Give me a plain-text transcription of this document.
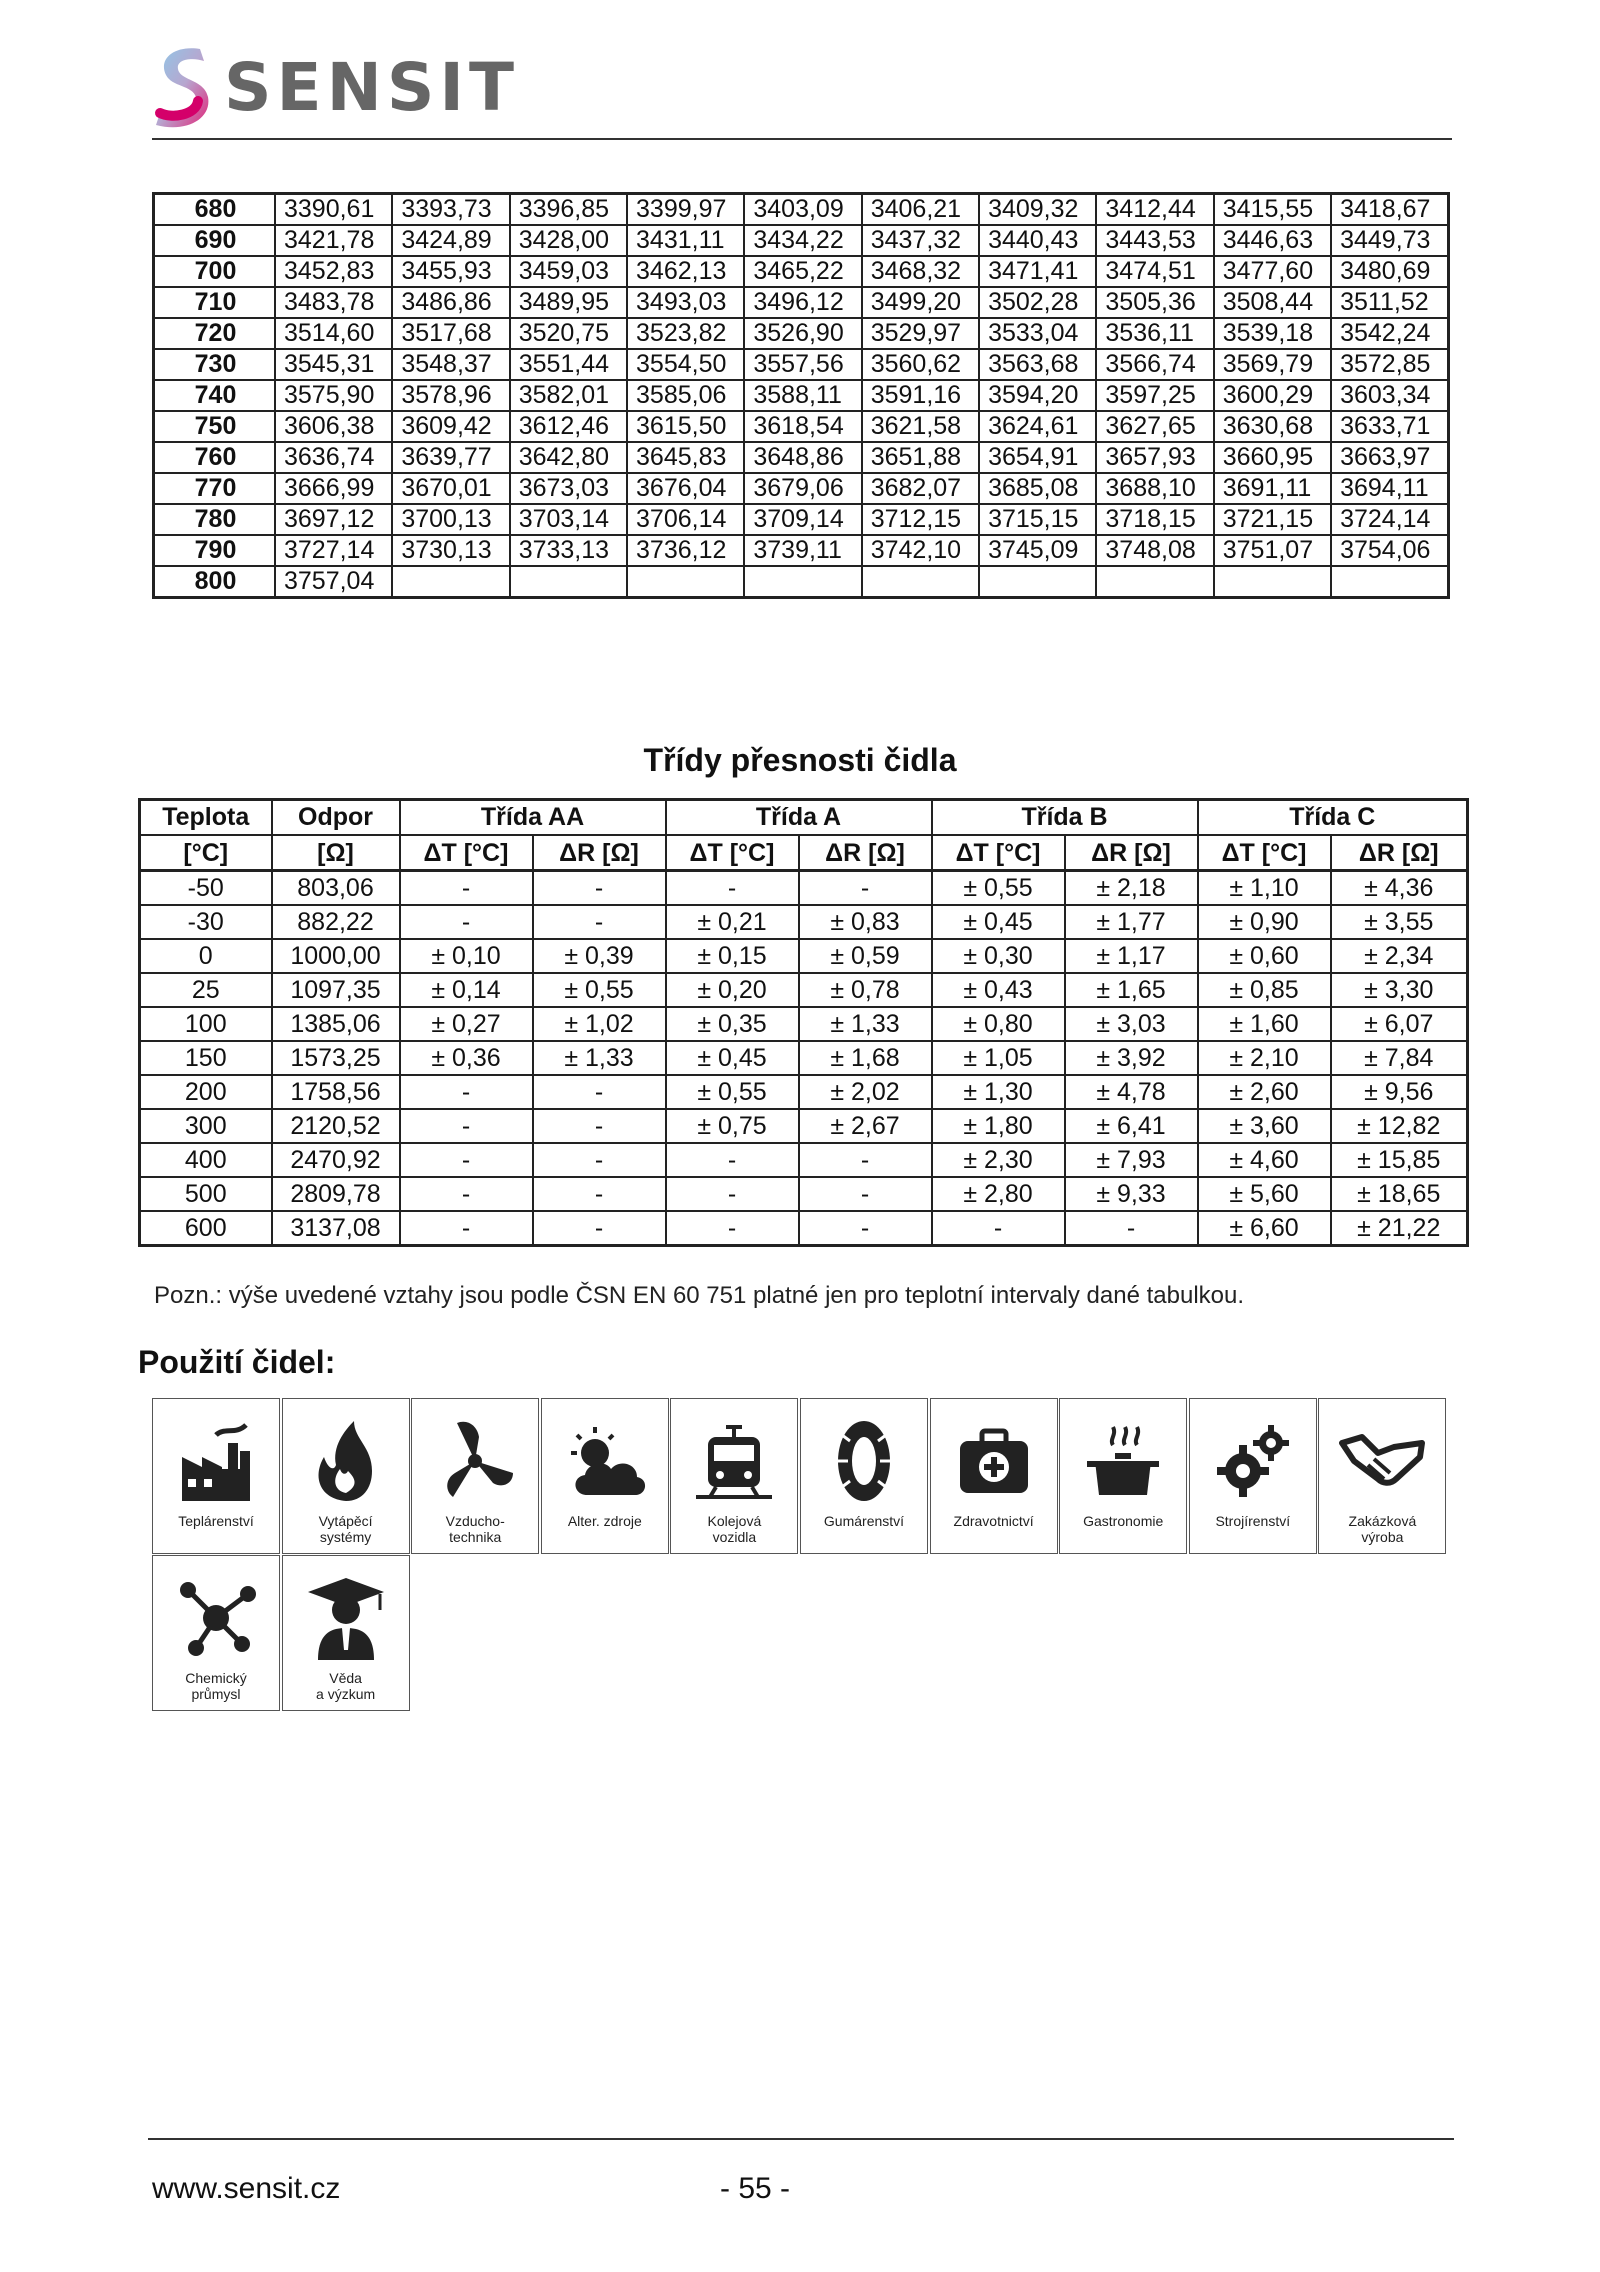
SENSIT
680	3390,61	3393,73	3396,85	3399,97	3403,09	3406,21	3409,32	3412,44	3415,55	3418,67
690	3421,78	3424,89	3428,00	3431,11	3434,22	3437,32	3440,43	3443,53	3446,63	3449,73
700	3452,83	3455,93	3459,03	3462,13	3465,22	3468,32	3471,41	3474,51	3477,60	3480,69
710	3483,78	3486,86	3489,95	3493,03	3496,12	3499,20	3502,28	3505,36	3508,44	3511,52
720	3514,60	3517,68	3520,75	3523,82	3526,90	3529,97	3533,04	3536,11	3539,18	3542,24
730	3545,31	3548,37	3551,44	3554,50	3557,56	3560,62	3563,68	3566,74	3569,79	3572,85
740	3575,90	3578,96	3582,01	3585,06	3588,11	3591,16	3594,20	3597,25	3600,29	3603,34
750	3606,38	3609,42	3612,46	3615,50	3618,54	3621,58	3624,61	3627,65	3630,68	3633,71
760	3636,74	3639,77	3642,80	3645,83	3648,86	3651,88	3654,91	3657,93	3660,95	3663,97
770	3666,99	3670,01	3673,03	3676,04	3679,06	3682,07	3685,08	3688,10	3691,11	3694,11
780	3697,12	3700,13	3703,14	3706,14	3709,14	3712,15	3715,15	3718,15	3721,15	3724,14
790	3727,14	3730,13	3733,13	3736,12	3739,11	3742,10	3745,09	3748,08	3751,07	3754,06
800	3757,04									
Třídy přesnosti čidla
Teplota	Odpor	Třída AA		Třída A		Třída B		Třída C	
[°C]	[Ω]	ΔT [°C]	ΔR [Ω]	ΔT [°C]	ΔR [Ω]	ΔT [°C]	ΔR [Ω]	ΔT [°C]	ΔR [Ω]
-50	803,06	-	-	-	-	± 0,55	± 2,18	± 1,10	± 4,36
-30	882,22	-	-	± 0,21	± 0,83	± 0,45	± 1,77	± 0,90	± 3,55
0	1000,00	± 0,10	± 0,39	± 0,15	± 0,59	± 0,30	± 1,17	± 0,60	± 2,34
25	1097,35	± 0,14	± 0,55	± 0,20	± 0,78	± 0,43	± 1,65	± 0,85	± 3,30
100	1385,06	± 0,27	± 1,02	± 0,35	± 1,33	± 0,80	± 3,03	± 1,60	± 6,07
150	1573,25	± 0,36	± 1,33	± 0,45	± 1,68	± 1,05	± 3,92	± 2,10	± 7,84
200	1758,56	-	-	± 0,55	± 2,02	± 1,30	± 4,78	± 2,60	± 9,56
300	2120,52	-	-	± 0,75	± 2,67	± 1,80	± 6,41	± 3,60	± 12,82
400	2470,92	-	-	-	-	± 2,30	± 7,93	± 4,60	± 15,85
500	2809,78	-	-	-	-	± 2,80	± 9,33	± 5,60	± 18,65
600	3137,08	-	-	-	-	-	-	± 6,60	± 21,22
Pozn.: výše uvedené vztahy jsou podle ČSN EN 60 751 platné jen pro teplotní intervaly dané tabulkou.
Použití čidel:
Teplárenství	Vytápěcí
systémy
Vzducho-
technika
Alter. zdroje	Kolejová
vozidla
Gumárenství	Zdravotnictví	Gastronomie	Strojírenství	Zakázková
výroba
Chemický
průmysl
Věda
a výzkum
www.sensit.cz	- 55 -
